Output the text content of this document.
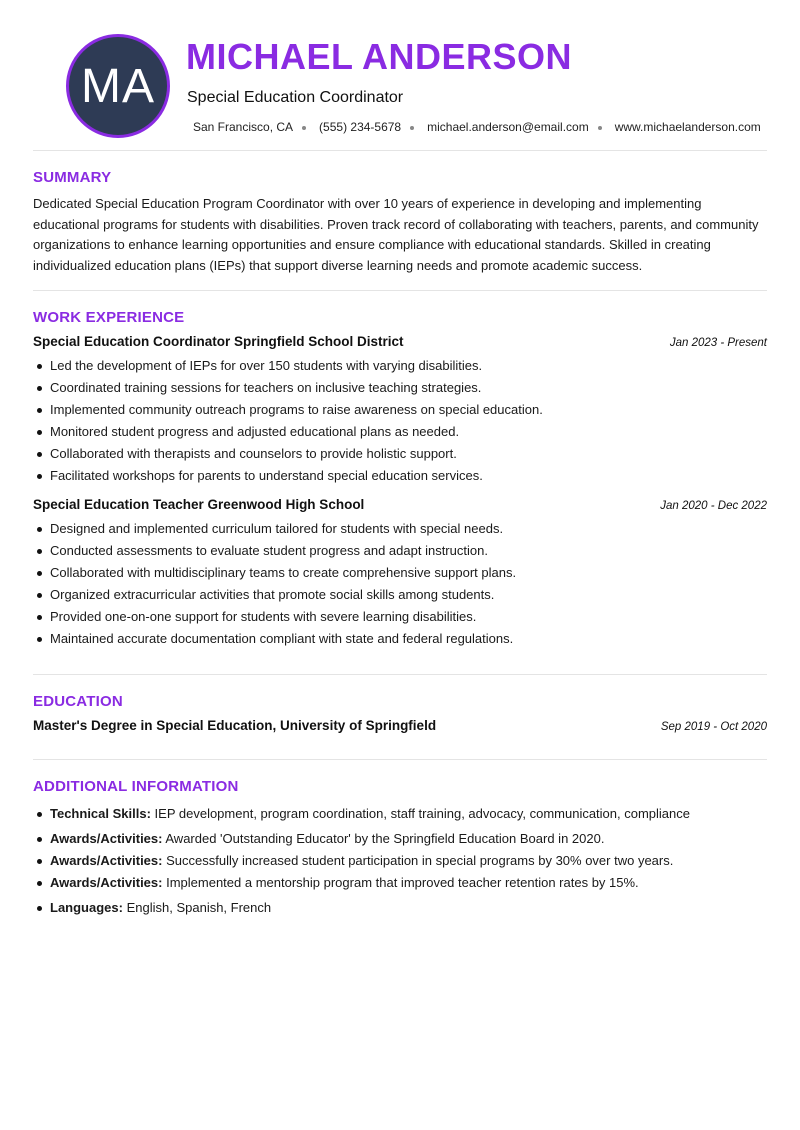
MA
MICHAEL ANDERSON
Special Education Coordinator
San Francisco, CA (555) 234-5678 michael.anderson@email.com www.michaelanderson.com
SUMMARY

Dedicated Special Education Program Coordinator with over 10 years of experience in developing and implementing educational programs for students with disabilities. Proven track record of collaborating with teachers, parents, and community organizations to enhance learning opportunities and ensure compliance with educational standards. Skilled in creating individualized education plans (IEPs) that support diverse learning needs and promote academic success.

WORK EXPERIENCE
Special Education Coordinator Springfield School District	Jan 2023 - Present
Led the development of IEPs for over 150 students with varying disabilities.
Coordinated training sessions for teachers on inclusive teaching strategies.
Implemented community outreach programs to raise awareness on special education.
Monitored student progress and adjusted educational plans as needed.
Collaborated with therapists and counselors to provide holistic support.
Facilitated workshops for parents to understand special education services.
Special Education Teacher Greenwood High School	Jan 2020 - Dec 2022
Designed and implemented curriculum tailored for students with special needs.
Conducted assessments to evaluate student progress and adapt instruction.
Collaborated with multidisciplinary teams to create comprehensive support plans.
Organized extracurricular activities that promote social skills among students.
Provided one-on-one support for students with severe learning disabilities.
Maintained accurate documentation compliant with state and federal regulations.
EDUCATION
Master's Degree in Special Education, University of Springfield	Sep 2019 - Oct 2020
ADDITIONAL INFORMATION
Technical Skills: IEP development, program coordination, staff training, advocacy, communication, compliance
Awards/Activities: Awarded 'Outstanding Educator' by the Springfield Education Board in 2020.
Awards/Activities: Successfully increased student participation in special programs by 30% over two years.
Awards/Activities: Implemented a mentorship program that improved teacher retention rates by 15%.
Languages: English, Spanish, French
